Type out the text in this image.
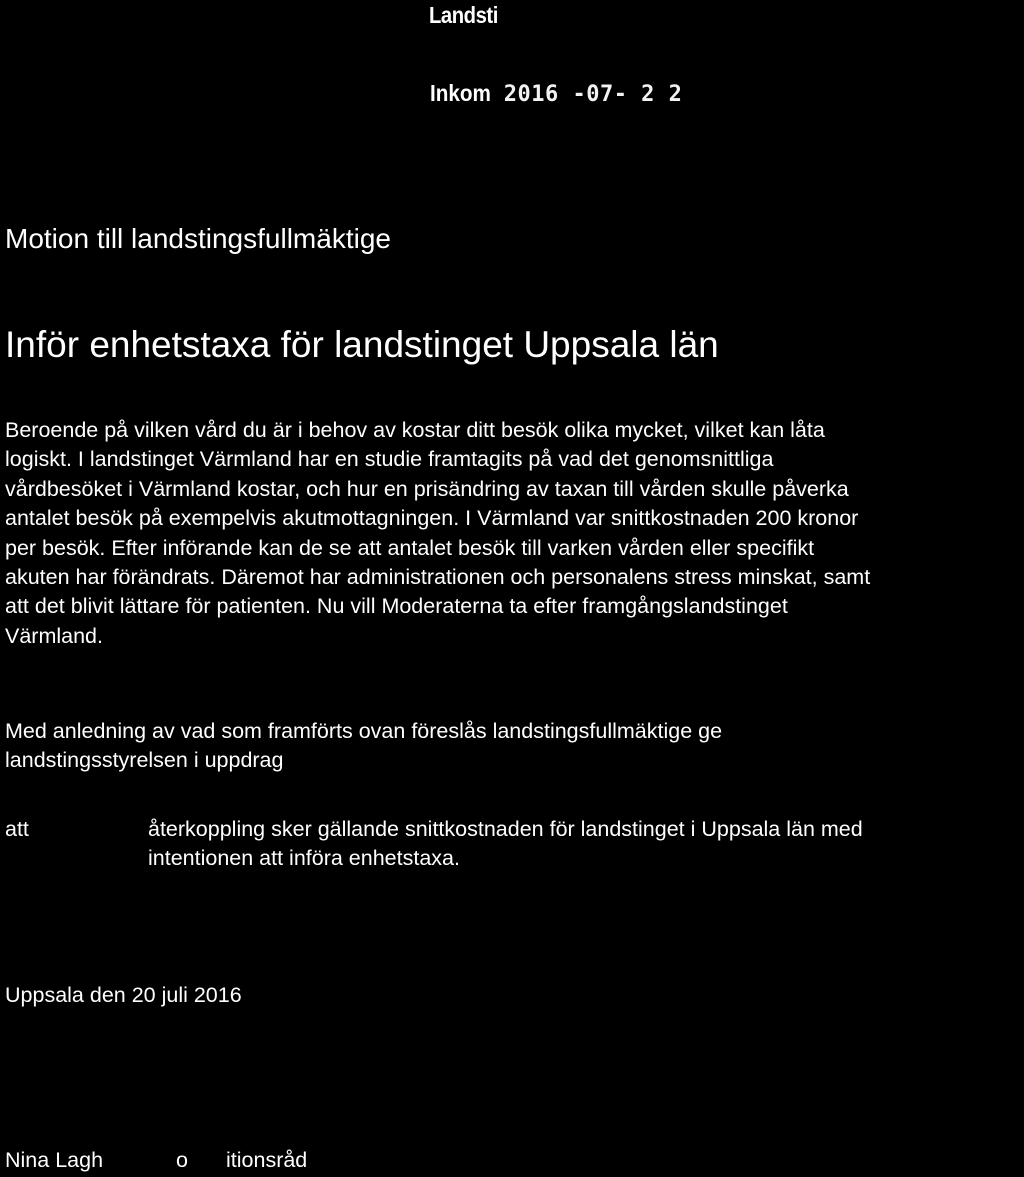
Landsti
Inkom 2016 -07- 2 2
Motion till landstingsfullmäktige
Inför enhetstaxa för landstinget Uppsala län
Beroende på vilken vård du är i behov av kostar ditt besök olika mycket, vilket kan låta
logiskt. I landstinget Värmland har en studie framtagits på vad det genomsnittliga
vårdbesöket i Värmland kostar, och hur en prisändring av taxan till vården skulle påverka
antalet besök på exempelvis akutmottagningen. I Värmland var snittkostnaden 200 kronor
per besök. Efter införande kan de se att antalet besök till varken vården eller specifikt
akuten har förändrats. Däremot har administrationen och personalens stress minskat, samt
att det blivit lättare för patienten. Nu vill Moderaterna ta efter framgångslandstinget
Värmland.
Med anledning av vad som framförts ovan föreslås landstingsfullmäktige ge
landstingsstyrelsen i uppdrag
att	återkoppling sker gällande snittkostnaden för landstinget i Uppsala län med
intentionen att införa enhetstaxa.
Uppsala den 20 juli 2016
Nina Lagh	o	itionsråd
